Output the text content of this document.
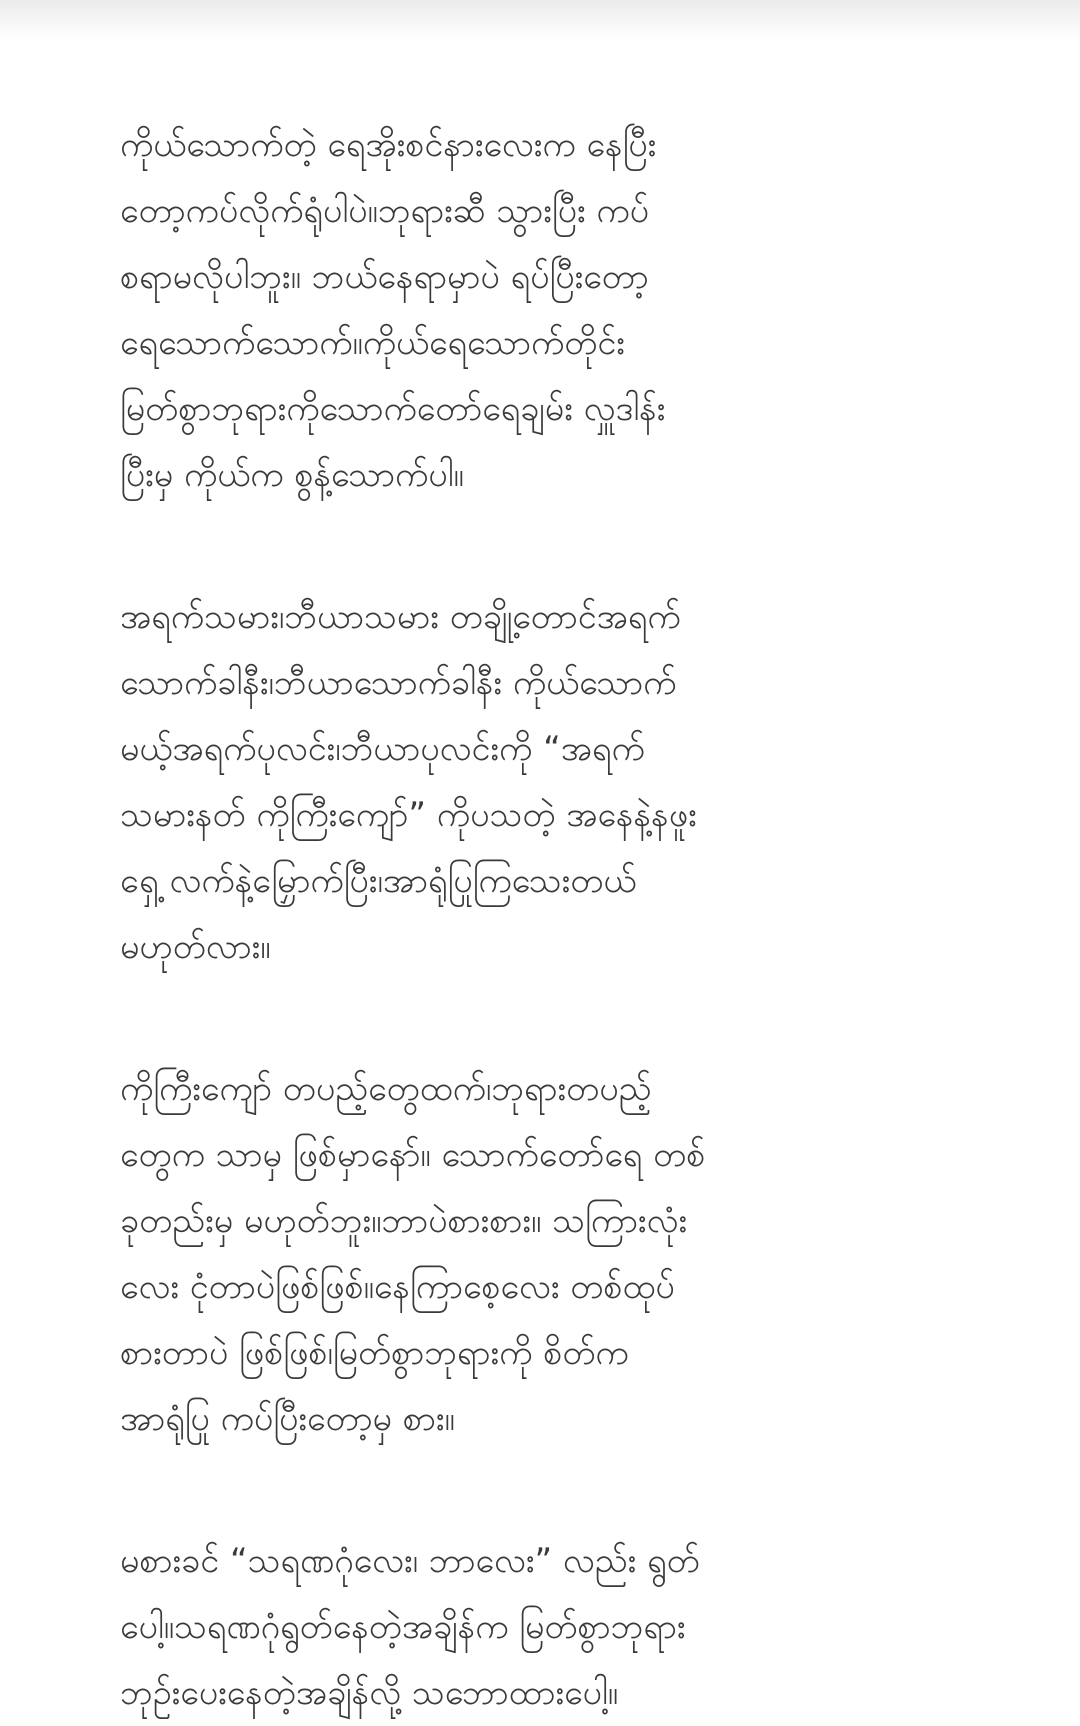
ကိုယ်သောက်တဲ့ ရေအိုးစင်နားလေးက နေပြီး
တော့ကပ်လိုက်ရုံပါပဲ။ဘုရားဆီ သွားပြီး ကပ်
စရာမလိုပါဘူး။ ဘယ်နေရာမှာပဲ ရပ်ပြီးတော့
ရေသောက်သောက်။ကိုယ်ရေသောက်တိုင်း
မြတ်စွာဘုရားကိုသောက်တော်ရေချမ်း လှူဒါန်း
ပြီးမှ ကိုယ်က စွန့်သောက်ပါ။
အရက်သမား၊ဘီယာသမား တချို့တောင်အရက်
သောက်ခါနီး၊ဘီယာသောက်ခါနီး ကိုယ်သောက်
မယ့်အရက်ပုလင်း၊ဘီယာပုလင်းကို “အရက်
သမားနတ် ကိုကြီးကျော်” ကိုပသတဲ့ အနေနဲ့နဖူး
ရှေ့ လက်နဲ့မြှောက်ပြီး၊အာရုံပြုကြသေးတယ်
မဟုတ်လား။
ကိုကြီးကျော် တပည့်တွေထက်၊ဘုရားတပည့်
တွေက သာမှ ဖြစ်မှာနော်။ သောက်တော်ရေ တစ်
ခုတည်းမှ မဟုတ်ဘူး။ဘာပဲစားစား။ သကြားလုံး
လေး ငုံတာပဲဖြစ်ဖြစ်။နေကြာစေ့လေး တစ်ထုပ်
စားတာပဲ ဖြစ်ဖြစ်၊မြတ်စွာဘုရားကို စိတ်က
အာရုံပြု ကပ်ပြီးတော့မှ စား။
မစားခင် “သရဏဂုံလေး၊ ဘာလေး” လည်း ရွတ်
ပေါ့။သရဏဂုံရွတ်နေတဲ့အချိန်က မြတ်စွာဘုရား
ဘုဉ်းပေးနေတဲ့အချိန်လို့ သဘောထားပေါ့။
